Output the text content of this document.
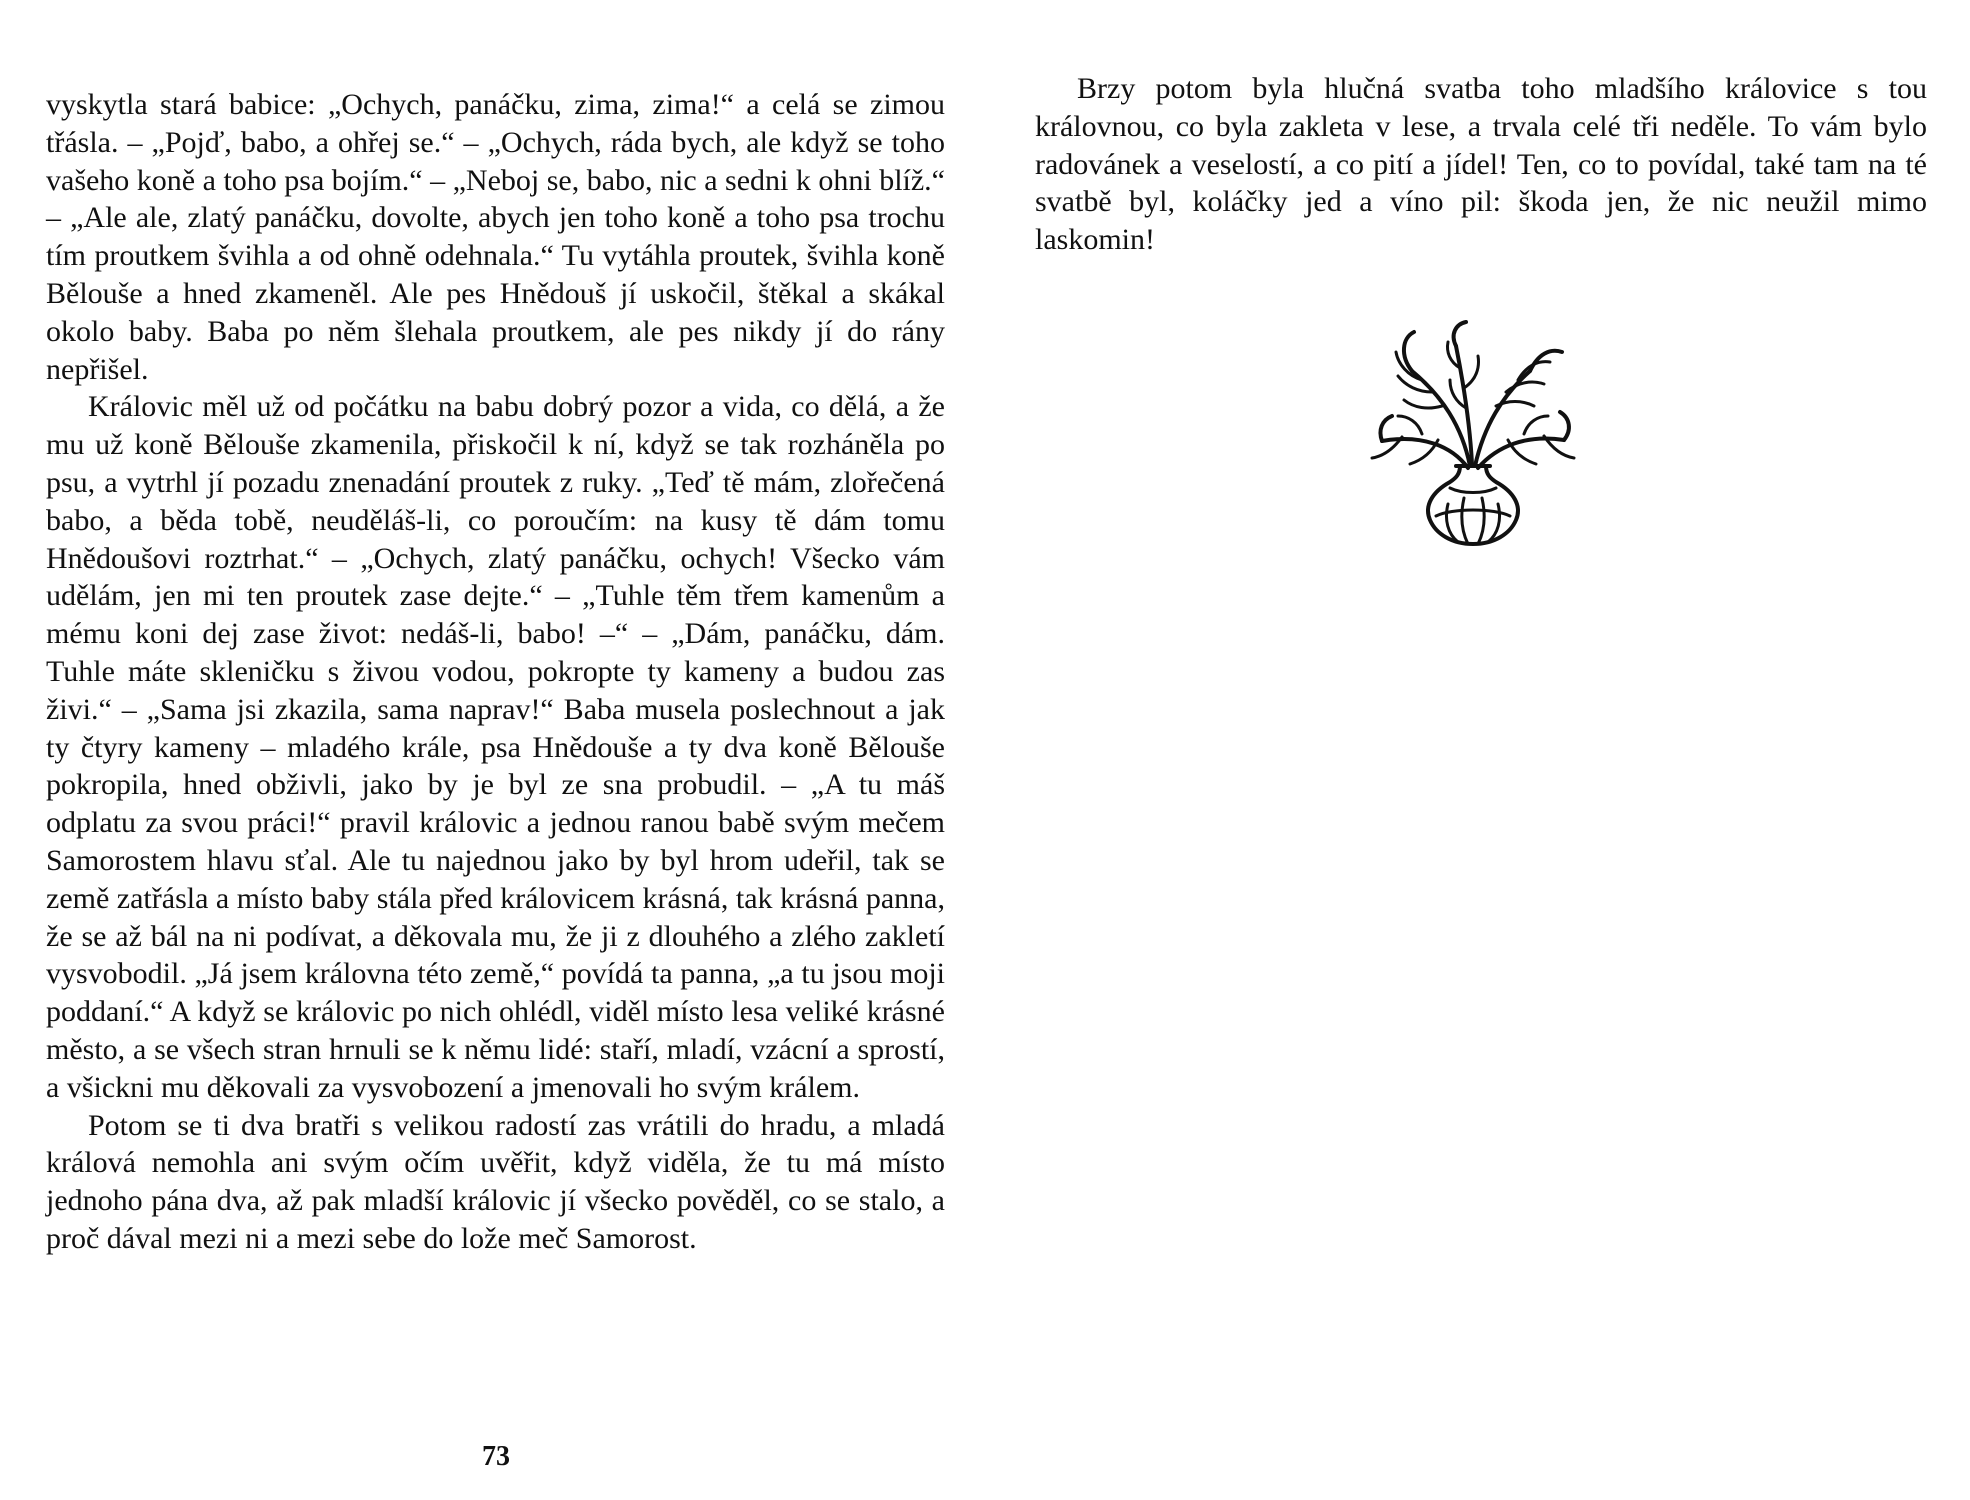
vyskytla stará babice: „Ochych, panáčku, zima, zima!“ a celá se zimou třásla. – „Pojď, babo, a ohřej se.“ – „Ochych, ráda bych, ale když se toho vašeho koně a toho psa bojím.“ – „Neboj se, babo, nic a sedni k ohni blíž.“ – „Ale ale, zlatý panáčku, dovolte, abych jen toho koně a toho psa trochu tím proutkem švihla a od ohně odehnala.“ Tu vytáhla proutek, švihla koně Bělouše a hned zkameněl. Ale pes Hnědouš jí uskočil, štěkal a skákal okolo baby. Baba po něm šlehala proutkem, ale pes nikdy jí do rány nepřišel.

Královic měl už od počátku na babu dobrý pozor a vida, co dělá, a že mu už koně Bělouše zkamenila, přiskočil k ní, když se tak rozháněla po psu, a vytrhl jí pozadu znenadání proutek z ruky. „Teď tě mám, zlořečená babo, a běda tobě, neuděláš-li, co poroučím: na kusy tě dám tomu Hnědoušovi roztrhat.“ – „Ochych, zlatý panáčku, ochych! Všecko vám udělám, jen mi ten proutek zase dejte.“ – „Tuhle těm třem kamenům a mému koni dej zase život: nedáš-li, babo! –“ – „Dám, panáčku, dám. Tuhle máte skleničku s živou vodou, pokropte ty kameny a budou zas živi.“ – „Sama jsi zkazila, sama naprav!“ Baba musela poslechnout a jak ty čtyry kameny – mladého krále, psa Hnědouše a ty dva koně Bělouše pokropila, hned obživli, jako by je byl ze sna probudil. – „A tu máš odplatu za svou práci!“ pravil královic a jednou ranou babě svým mečem Samorostem hlavu sťal. Ale tu najednou jako by byl hrom udeřil, tak se země zatřásla a místo baby stála před královicem krásná, tak krásná panna, že se až bál na ni podívat, a děkovala mu, že ji z dlouhého a zlého zakletí vysvobodil. „Já jsem královna této země,“ povídá ta panna, „a tu jsou moji poddaní.“ A když se královic po nich ohlédl, viděl místo lesa veliké krásné město, a se všech stran hrnuli se k němu lidé: staří, mladí, vzácní a sprostí, a všickni mu děkovali za vysvobození a jmenovali ho svým králem.

Potom se ti dva bratři s velikou radostí zas vrátili do hradu, a mladá králová nemohla ani svým očím uvěřit, když viděla, že tu má místo jednoho pána dva, až pak mladší královic jí všecko pověděl, co se stalo, a proč dával mezi ni a mezi sebe do lože meč Samorost.

73

Brzy potom byla hlučná svatba toho mladšího královice s tou královnou, co byla zakleta v lese, a trvala celé tři neděle. To vám bylo radovánek a veselostí, a co pití a jídel! Ten, co to povídal, také tam na té svatbě byl, koláčky jed a víno pil: škoda jen, že nic neužil mimo laskomin!
